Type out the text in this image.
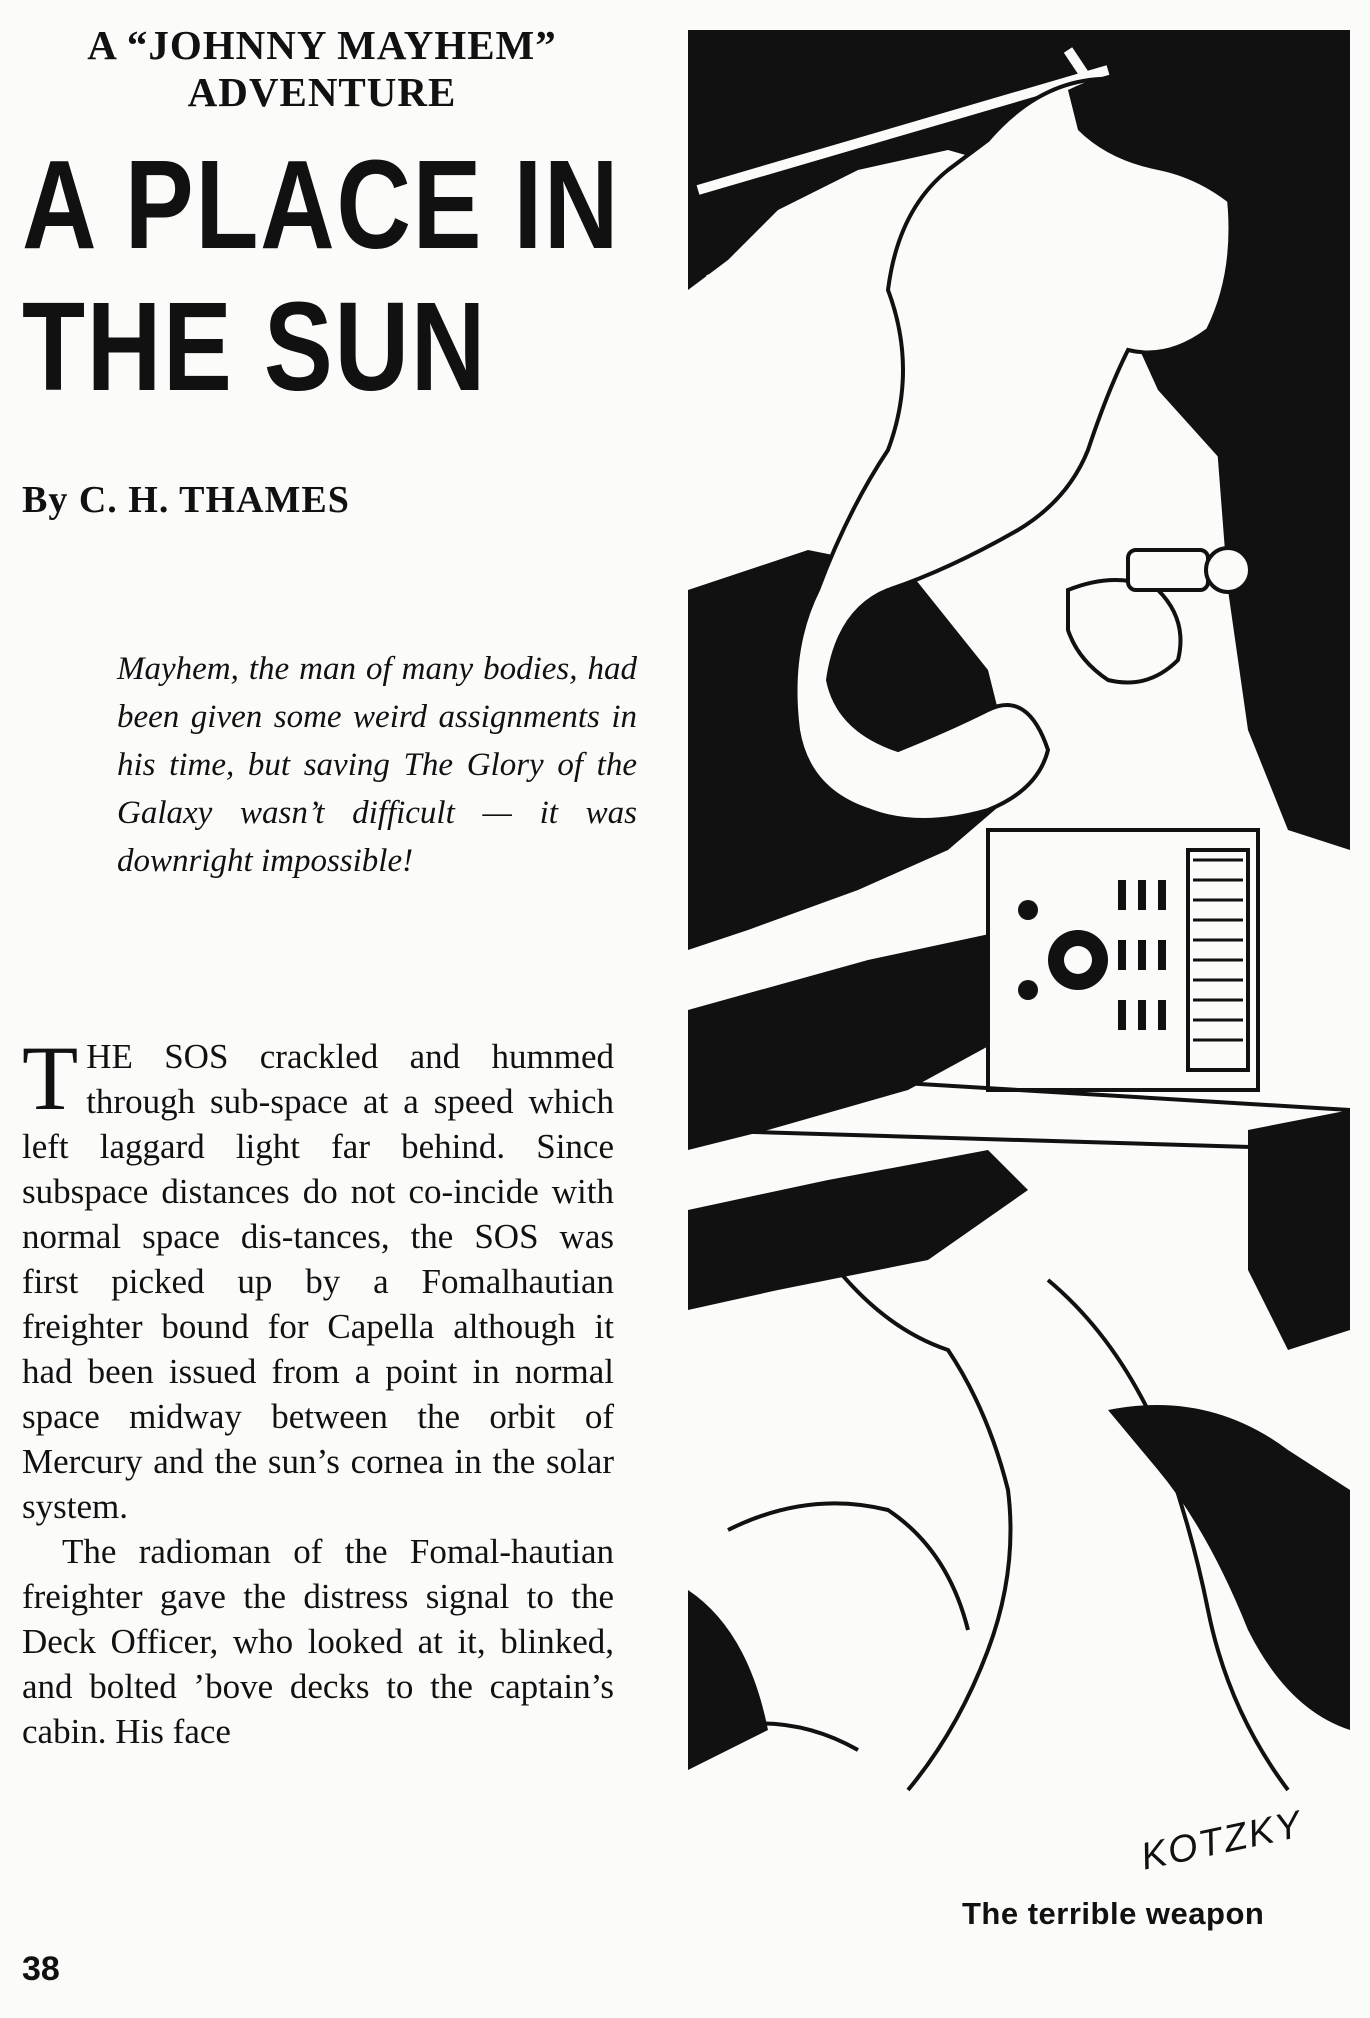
A “JOHNNY MAYHEM”

ADVENTURE

A PLACE IN
THE SUN

By C. H. THAMES

Mayhem, the man of many bodies, had been given some weird assignments in his time, but saving The Glory of the Galaxy wasn’t difficult — it was downright impossible!

THE SOS crackled and hummed through sub-space at a speed which left laggard light far behind. Since subspace distances do not co-incide with normal space dis-tances, the SOS was first picked up by a Fomalhautian freighter bound for Capella although it had been issued from a point in normal space midway between the orbit of Mercury and the sun’s cornea in the solar system.

The radioman of the Fomal-hautian freighter gave the distress signal to the Deck Officer, who looked at it, blinked, and bolted ’bove decks to the captain’s cabin. His face

38

KOTZKY

The terrible weapon
